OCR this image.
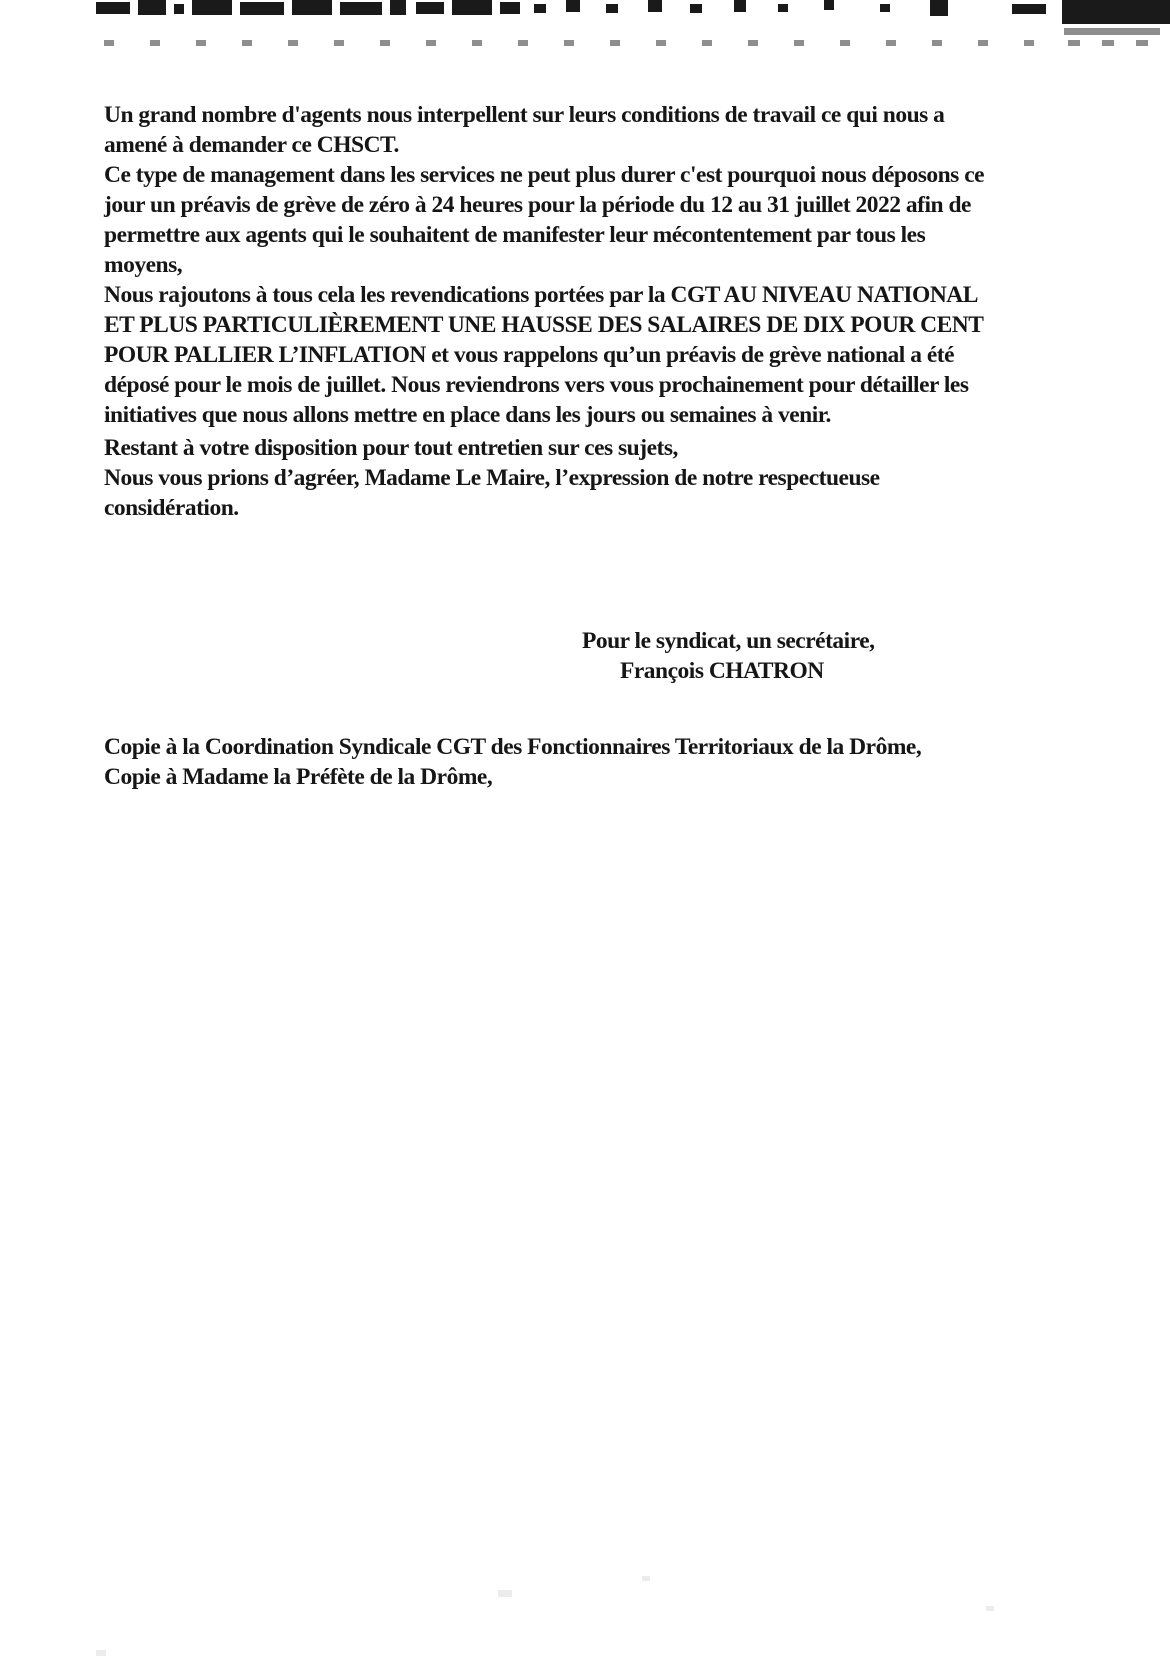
Un grand nombre d'agents nous interpellent sur leurs conditions de travail ce qui nous a
amené à demander ce CHSCT.
Ce type de management dans les services ne peut plus durer c'est pourquoi nous déposons ce
jour un préavis de grève de zéro à 24 heures pour la période du 12 au 31 juillet 2022 afin de
permettre aux agents qui le souhaitent de manifester leur mécontentement par tous les
moyens,
Nous rajoutons à tous cela les revendications portées par la CGT AU NIVEAU NATIONAL
ET PLUS PARTICULIÈREMENT UNE HAUSSE DES SALAIRES DE DIX POUR CENT
POUR PALLIER L’INFLATION et vous rappelons qu’un préavis de grève national a été
déposé pour le mois de juillet. Nous reviendrons vers vous prochainement pour détailler les
initiatives que nous allons mettre en place dans les jours ou semaines à venir.
Restant à votre disposition pour tout entretien sur ces sujets,
Nous vous prions d’agréer, Madame Le Maire, l’expression de notre respectueuse
considération.
Pour le syndicat, un secrétaire,
François CHATRON
Copie à la Coordination Syndicale CGT des Fonctionnaires Territoriaux de la Drôme,
Copie à Madame la Préfète de la Drôme,
